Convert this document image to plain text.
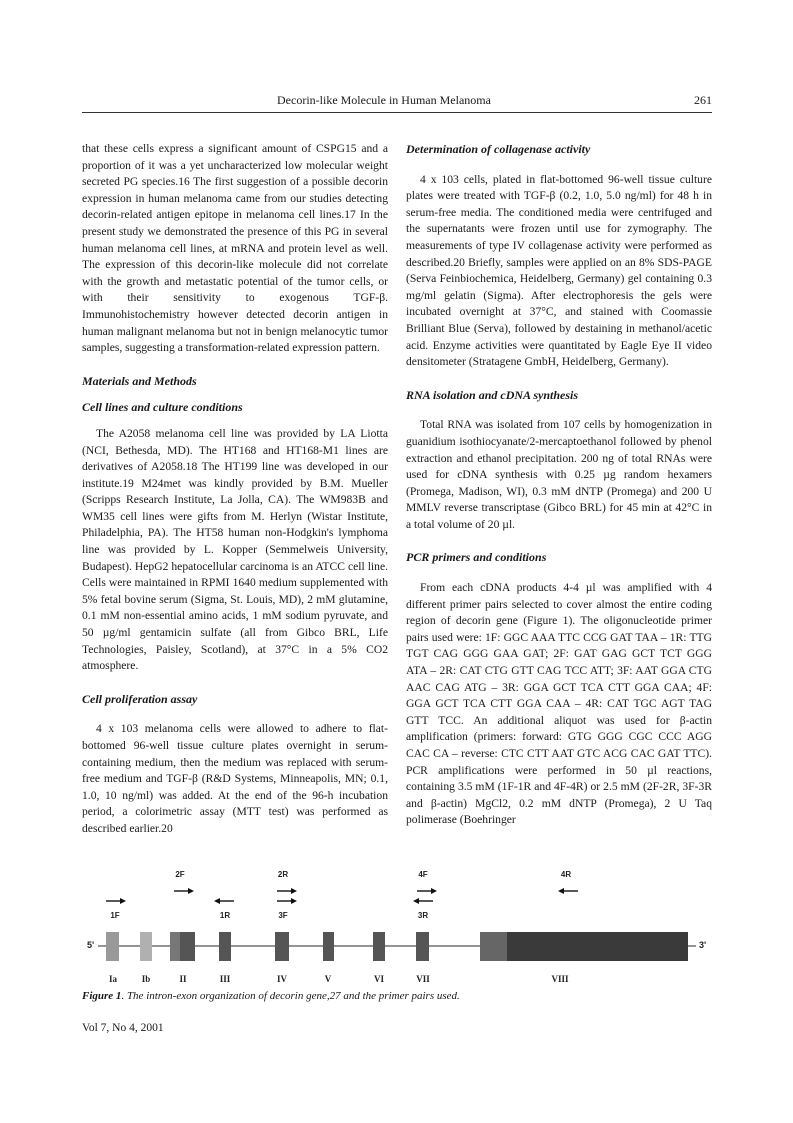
Decorin-like Molecule in Human Melanoma	261

that these cells express a significant amount of CSPG15 and a proportion of it was a yet uncharacterized low molecular weight secreted PG species.16 The first suggestion of a possible decorin expression in human melanoma came from our studies detecting decorin-related antigen epitope in melanoma cell lines.17 In the present study we demonstrated the presence of this PG in several human melanoma cell lines, at mRNA and protein level as well. The expression of this decorin-like molecule did not correlate with the growth and metastatic potential of the tumor cells, or with their sensitivity to exogenous TGF-β. Immunohistochemistry however detected decorin antigen in human malignant melanoma but not in benign melanocytic tumor samples, suggesting a transformation-related expression pattern.

Materials and Methods
Cell lines and culture conditions

The A2058 melanoma cell line was provided by LA Liotta (NCI, Bethesda, MD). The HT168 and HT168-M1 lines are derivatives of A2058.18 The HT199 line was developed in our institute.19 M24met was kindly provided by B.M. Mueller (Scripps Research Institute, La Jolla, CA). The WM983B and WM35 cell lines were gifts from M. Herlyn (Wistar Institute, Philadelphia, PA). The HT58 human non-Hodgkin's lymphoma line was provided by L. Kopper (Semmelweis University, Budapest). HepG2 hepatocellular carcinoma is an ATCC cell line. Cells were maintained in RPMI 1640 medium supplemented with 5% fetal bovine serum (Sigma, St. Louis, MD), 2 mM glutamine, 0.1 mM non-essential amino acids, 1 mM sodium pyruvate, and 50 µg/ml gentamicin sulfate (all from Gibco BRL, Life Technologies, Paisley, Scotland), at 37°C in a 5% CO2 atmosphere.

Cell proliferation assay

4 x 103 melanoma cells were allowed to adhere to flat-bottomed 96-well tissue culture plates overnight in serum-containing medium, then the medium was replaced with serum-free medium and TGF-β (R&D Systems, Minneapolis, MN; 0.1, 1.0, 10 ng/ml) was added. At the end of the 96-h incubation period, a colorimetric assay (MTT test) was performed as described earlier.20

Determination of collagenase activity

4 x 103 cells, plated in flat-bottomed 96-well tissue culture plates were treated with TGF-β (0.2, 1.0, 5.0 ng/ml) for 48 h in serum-free media. The conditioned media were centrifuged and the supernatants were frozen until use for zymography. The measurements of type IV collagenase activity were performed as described.20 Briefly, samples were applied on an 8% SDS-PAGE (Serva Feinbiochemica, Heidelberg, Germany) gel containing 0.3 mg/ml gelatin (Sigma). After electrophoresis the gels were incubated overnight at 37°C, and stained with Coomassie Brilliant Blue (Serva), followed by destaining in methanol/acetic acid. Enzyme activities were quantitated by Eagle Eye II video densitometer (Stratagene GmbH, Heidelberg, Germany).

RNA isolation and cDNA synthesis

Total RNA was isolated from 107 cells by homogenization in guanidium isothiocyanate/2-mercaptoethanol followed by phenol extraction and ethanol precipitation. 200 ng of total RNAs were used for cDNA synthesis with 0.25 µg random hexamers (Promega, Madison, WI), 0.3 mM dNTP (Promega) and 200 U MMLV reverse transcriptase (Gibco BRL) for 45 min at 42°C in a total volume of 20 µl.

PCR primers and conditions

From each cDNA products 4-4 µl was amplified with 4 different primer pairs selected to cover almost the entire coding region of decorin gene (Figure 1). The oligonucleotide primer pairs used were: 1F: GGC AAA TTC CCG GAT TAA – 1R: TTG TGT CAG GGG GAA GAT; 2F: GAT GAG GCT TCT GGG ATA – 2R: CAT CTG GTT CAG TCC ATT; 3F: AAT GGA CTG AAC CAG ATG – 3R: GGA GCT TCA CTT GGA CAA; 4F: GGA GCT TCA CTT GGA CAA – 4R: CAT TGC AGT TAG GTT TCC. An additional aliquot was used for β-actin amplification (primers: forward: GTG GGG CGC CCC AGG CAC CA – reverse: CTC CTT AAT GTC ACG CAC GAT TTC). PCR amplifications were performed in 50 µl reactions, containing 3.5 mM (1F-1R and 4F-4R) or 2.5 mM (2F-2R, 3F-3R and β-actin) MgCl2, 0.2 mM dNTP (Promega), 2 U Taq polimerase (Boehringer

2F	2R	4F	4R
1F	1R	3F	3R
5'	3'
Ia	Ib	II	III	IV	V	VI	VII	VIII
Figure 1. The intron-exon organization of decorin gene,27 and the primer pairs used.
Vol 7, No 4, 2001
